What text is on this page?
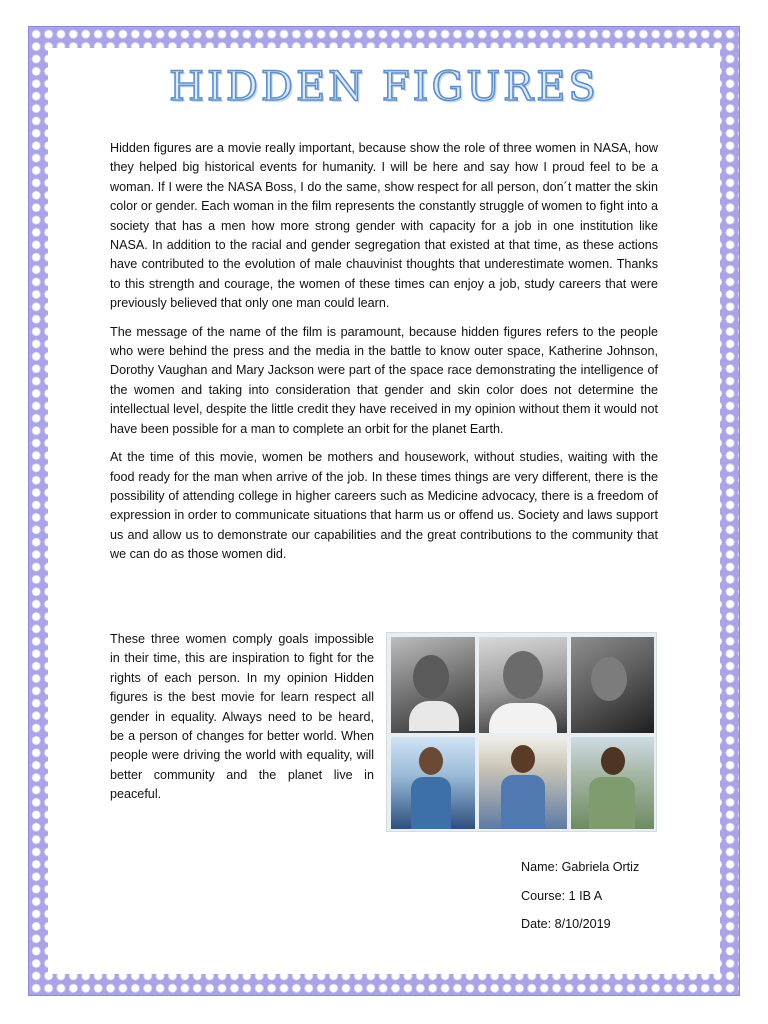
HIDDEN FIGURES

Hidden figures are a movie really important, because show the role of three women in NASA, how they helped big historical events for humanity. I will be here and say how I proud feel to be a woman. If I were the NASA Boss, I do the same, show respect for all person, don´t matter the skin color or gender. Each woman in the film represents the constantly struggle of women to fight into a society that has a men how more strong gender with capacity for a job in one institution like NASA. In addition to the racial and gender segregation that existed at that time, as these actions have contributed to the evolution of male chauvinist thoughts that underestimate women. Thanks to this strength and courage, the women of these times can enjoy a job, study careers that were previously believed that only one man could learn.

The message of the name of the film is paramount, because hidden figures refers to the people who were behind the press and the media in the battle to know outer space, Katherine Johnson, Dorothy Vaughan and Mary Jackson were part of the space race demonstrating the intelligence of the women and taking into consideration that gender and skin color does not determine the intellectual level, despite the little credit they have received in my opinion without them it would not have been possible for a man to complete an orbit for the planet Earth.

At the time of this movie, women be mothers and housework, without studies, waiting with the food ready for the man when arrive of the job. In these times things are very different, there is the possibility of attending college in higher careers such as Medicine advocacy, there is a freedom of expression in order to communicate situations that harm us or offend us. Society and laws support us and allow us to demonstrate our capabilities and the great contributions to the community that we can do as those women did.

These three women comply goals impossible in their time, this are inspiration to fight for the rights of each person. In my opinion Hidden figures is the best movie for learn respect all gender in equality. Always need to be heard, be a person of changes for better world. When people were driving the world with equality, will better community and the planet live in peaceful.
Name: Gabriela Ortiz
Course: 1 IB A
Date: 8/10/2019
